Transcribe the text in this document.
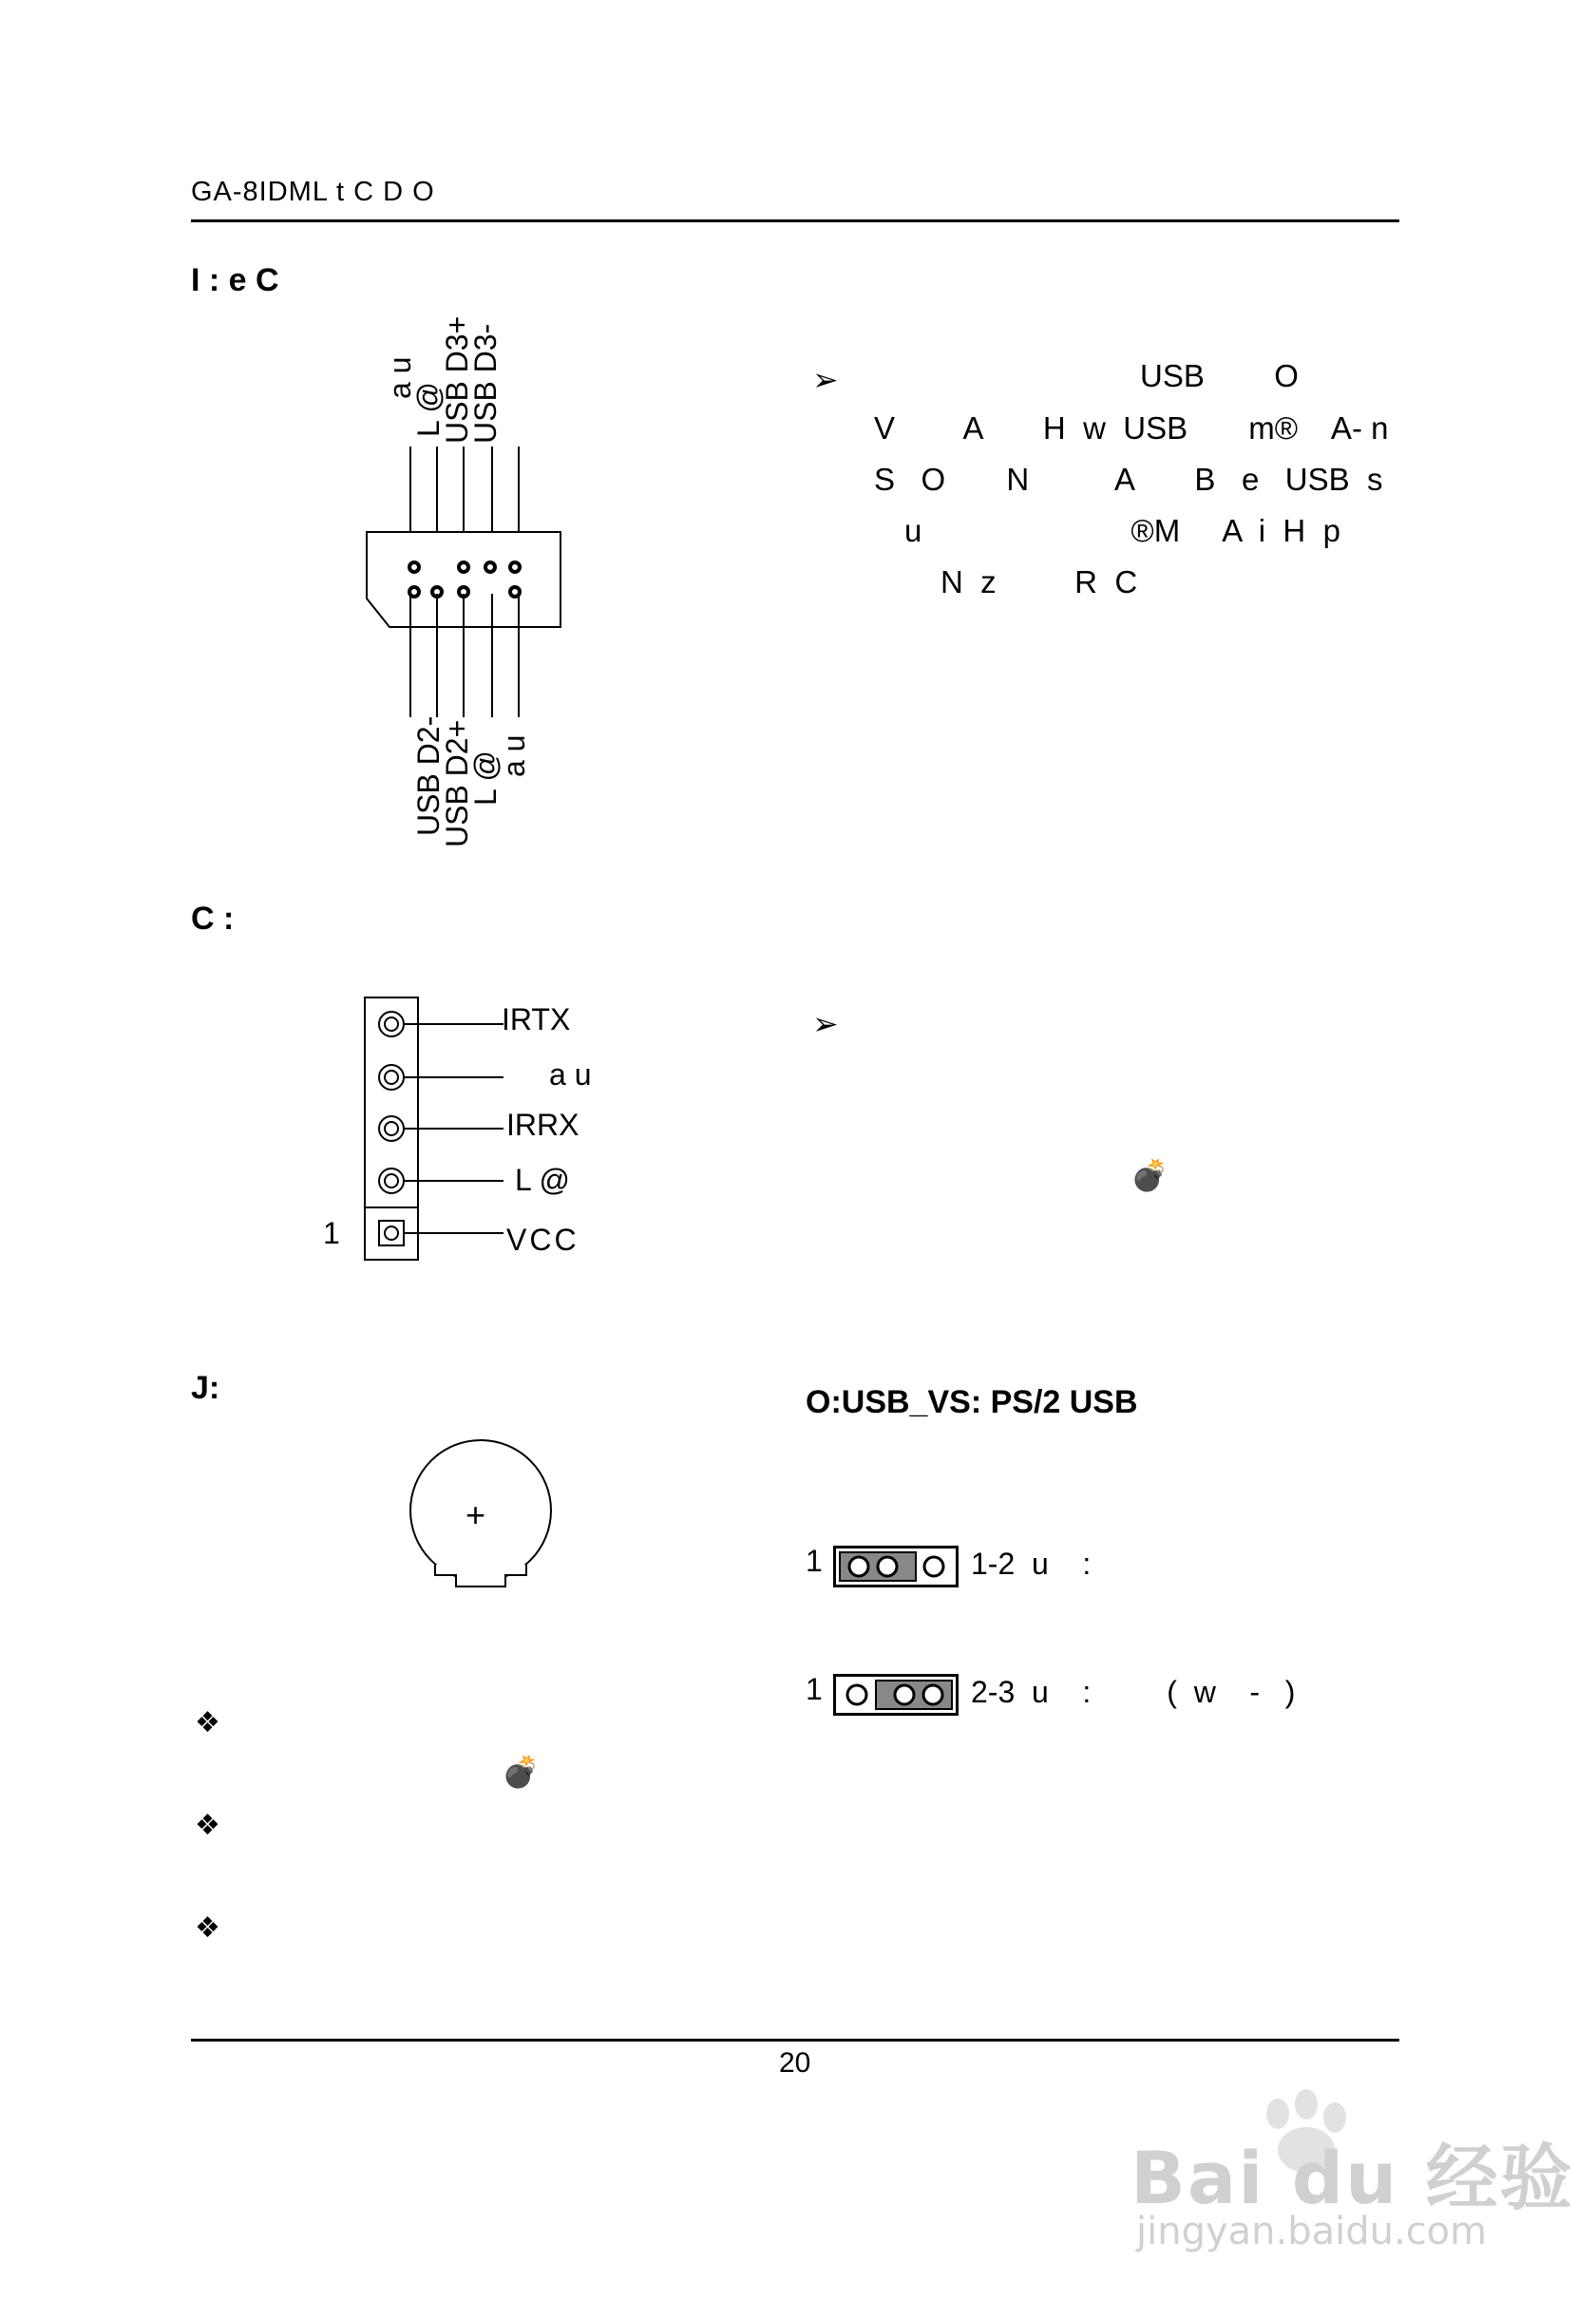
GA-8IDML t C D O
I : e C
a u
L @
USB D3+
USB D3-
USB D2-
USB D2+
L @
a u
➢	USB        O
V        A       H  w  USB       m®    A- n
S   O       N          A       B   e   USB  s
u                        ®M     A  i  H  p
N  z         R  C
C :
IRTX
a u
IRRX
L @
VCC
1
➢
💣
J:
+
❖
💣
❖
❖
O:USB_VS: PS/2 USB
1	1-2  u    :
1	2-3  u    :         (  w    -   )
20
Bai du 经验
jingyan.baidu.com
